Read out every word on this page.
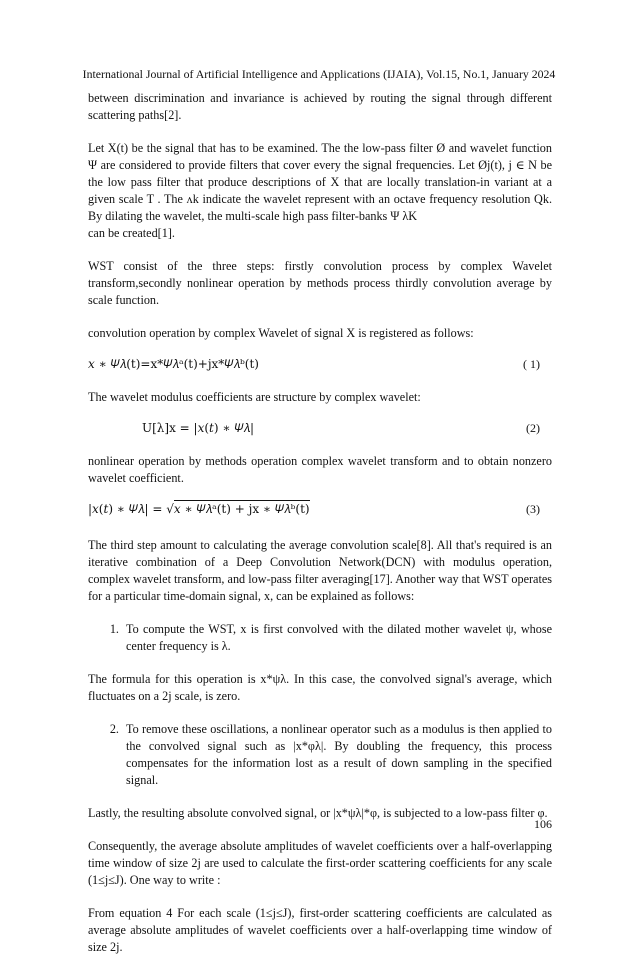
International Journal of Artificial Intelligence and Applications (IJAIA), Vol.15, No.1, January 2024

between discrimination and invariance is achieved by routing the signal through different scattering paths[2].

Let X(t) be the signal that has to be examined. The the low-pass filter Ø and wavelet function Ψ are considered to provide filters that cover every the signal frequencies. Let Øj(t), j ∈ N be the low pass filter that produce descriptions of X that are locally translation-in variant at a given scale T . The ʌk indicate the wavelet represent with an octave frequency resolution Qk. By dilating the wavelet, the multi-scale high pass filter-banks Ψ λK

can be created[1].

WST consist of the three steps: firstly convolution process by complex Wavelet transform,secondly nonlinear operation by methods process thirdly convolution average by scale function.

convolution operation by complex Wavelet of signal X is registered as follows:

𝑥 ∗ 𝛹𝜆(t)=x*𝛹𝜆ᵃ(t)+jx*𝛹𝜆ᵇ(t)	( 1)

The wavelet modulus coefficients are structure by complex wavelet:

U[λ]x = |𝑥(𝑡) ∗ 𝛹𝜆|	(2)

nonlinear operation by methods operation complex wavelet transform and to obtain nonzero wavelet coefficient.

|𝑥(𝑡) ∗ 𝛹𝜆| = √𝑥 ∗ 𝛹𝜆ᵃ(t) + jx ∗ 𝛹𝜆ᵇ(t)	(3)

The third step amount to calculating the average convolution scale[8]. All that's required is an iterative combination of a Deep Convolution Network(DCN) with modulus operation, complex wavelet transform, and low-pass filter averaging[17]. Another way that WST operates for a particular time-domain signal, x, can be explained as follows:

1. To compute the WST, x is first convolved with the dilated mother wavelet ψ, whose center frequency is λ.

The formula for this operation is x*ψλ. In this case, the convolved signal's average, which fluctuates on a 2j scale, is zero.

2. To remove these oscillations, a nonlinear operator such as a modulus is then applied to the convolved signal such as |x*φλ|. By doubling the frequency, this process compensates for the information lost as a result of down sampling in the specified signal.

Lastly, the resulting absolute convolved signal, or |x*ψλ|*φ, is subjected to a low-pass filter φ.

Consequently, the average absolute amplitudes of wavelet coefficients over a half-overlapping time window of size 2j are used to calculate the first-order scattering coefficients for any scale (1≤j≤J). One way to write :

From equation 4 For each scale (1≤j≤J), first-order scattering coefficients are calculated as average absolute amplitudes of wavelet coefficients over a half-overlapping time window of size 2j.

106
